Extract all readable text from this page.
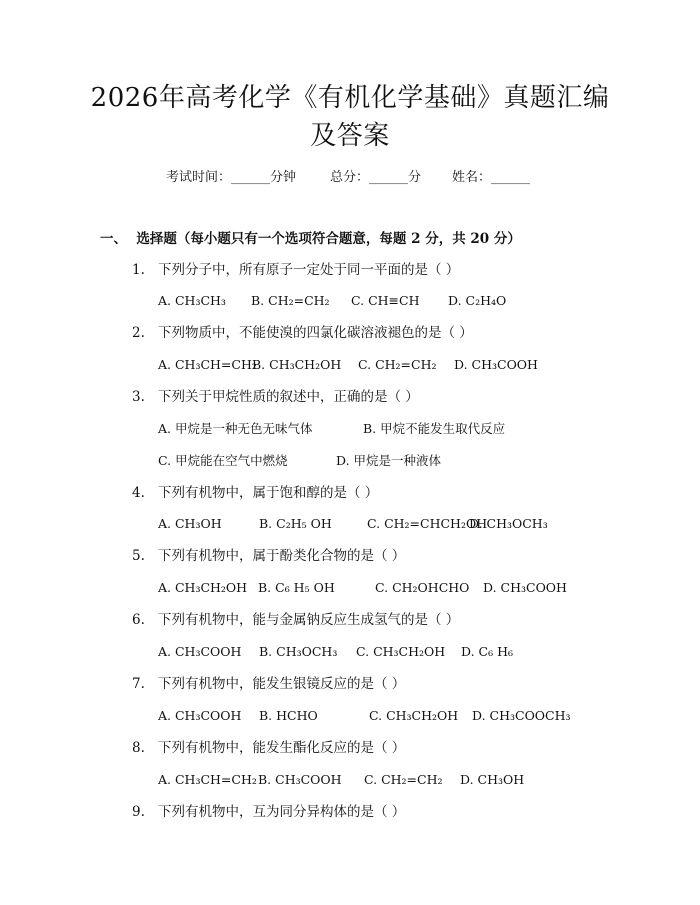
2026年高考化学《有机化学基础》真题汇编
及答案
考试时间：______分钟	总分：______分 姓名：______
一、  选择题（每小题只有一个选项符合题意，每题 2 分，共 20 分）
1. 下列分子中，所有原子一定处于同一平面的是（ ）
A. CH₃CH₃ B. CH₂=CH₂ C. CH≡CH D. C₂H₄O
2. 下列物质中，不能使溴的四氯化碳溶液褪色的是（ ）
A. CH₃CH=CH₂
B. CH₃CH₂OH C. CH₂=CH₂ D. CH₃COOH
3. 下列关于甲烷性质的叙述中，正确的是（ ）
A. 甲烷是一种无色无味气体	B. 甲烷不能发生取代反应
C. 甲烷能在空气中燃烧	D. 甲烷是一种液体
4. 下列有机物中，属于饱和醇的是（ ）
A. CH₃OH	B. C₂H₅ OH	C. CH₂=CHCH₂OH
D. CH₃OCH₃
5. 下列有机物中，属于酚类化合物的是（ ）
A. CH₃CH₂OH B. C₆ H₅ OH	C. CH₂OHCHO D. CH₃COOH
6. 下列有机物中，能与金属钠反应生成氢气的是（ ）
A. CH₃COOH B. CH₃OCH₃ C. CH₃CH₂OH D. C₆ H₆
7. 下列有机物中，能发生银镜反应的是（ ）
A. CH₃COOH B. HCHO	C. CH₃CH₂OH D. CH₃COOCH₃
8. 下列有机物中，能发生酯化反应的是（ ）
A. CH₃CH=CH₂ B. CH₃COOH C. CH₂=CH₂ D. CH₃OH
9. 下列有机物中，互为同分异构体的是（ ）
